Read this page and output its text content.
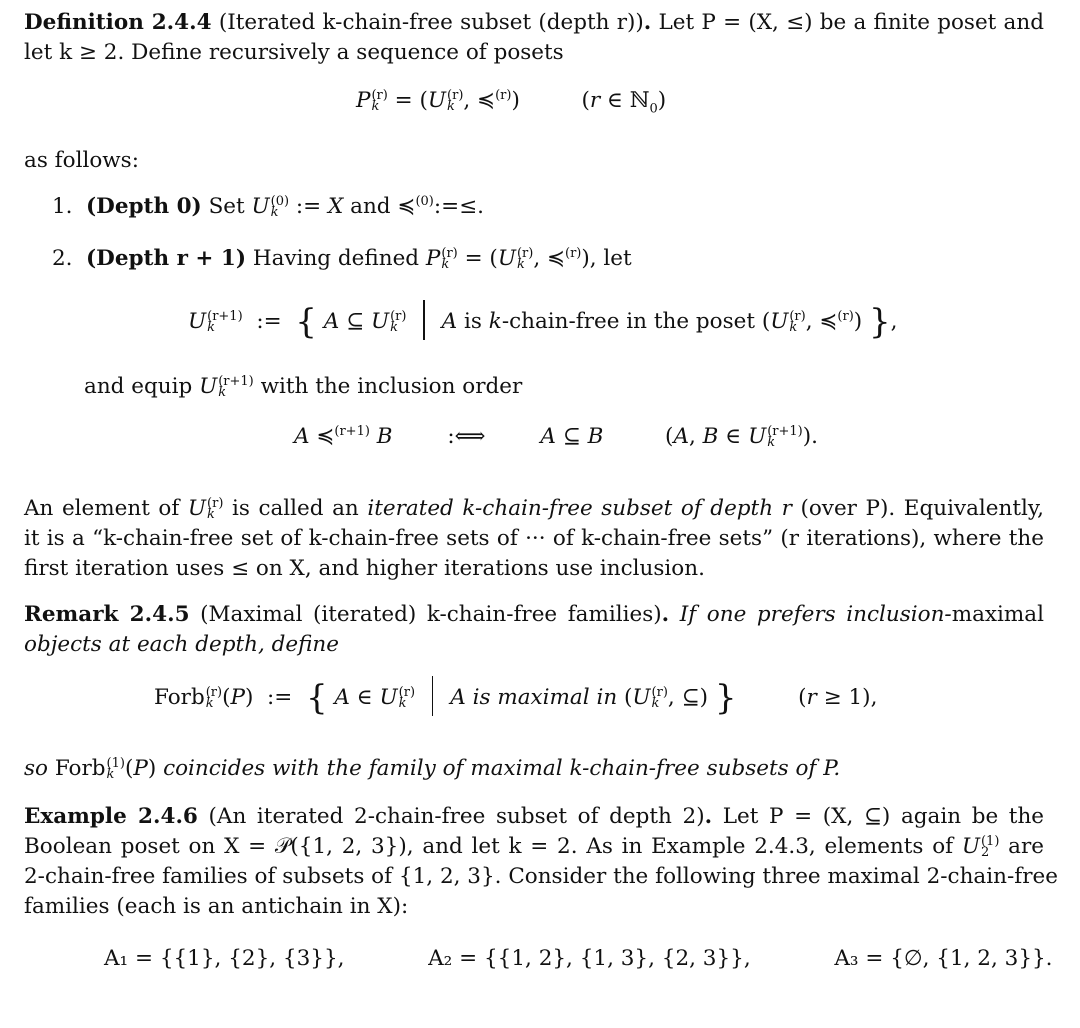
Definition 2.4.4 (Iterated k-chain-free subset (depth r)). Let P = (X, ≤) be a finite poset and
let k ≥ 2. Define recursively a sequence of posets
P (r)
k = (U (r)
k , ≼$^{(r)}$)  (r ∈ ℕ$_0$)
as follows:
1. (Depth 0) Set U (0)
k := X and ≼$^{(0)}$:=≤.
2. (Depth r + 1) Having defined P (r)
k = (U (r)
k , ≼$^{(r)}$), let
U (r+1)
k	:=  { A ⊆ U (r)
k	A is k-chain-free in the poset (U (r)
k , ≼$^{(r)}$) },
and equip U (r+1)
k	with the inclusion order
A ≼$^{(r+1)}$ B	:⟺	A ⊆ B	(A, B ∈ U (r+1)
k	).
An element of U (r)
k is called an iterated k-chain-free subset of depth r (over P). Equivalently,
it is a “k-chain-free set of k-chain-free sets of ··· of k-chain-free sets” (r iterations), where the
first iteration uses ≤ on X, and higher iterations use inclusion.
Remark 2.4.5 (Maximal (iterated) k-chain-free families). If one prefers inclusion-maximal
objects at each depth, define
Forb (r)
k (P)  :=  { A ∈ U (r)
k	A is maximal in (U (r)
k , ⊆) }	(r ≥ 1),
so Forb (1)
k (P) coincides with the family of maximal k-chain-free subsets of P.
Example 2.4.6 (An iterated 2-chain-free subset of depth 2). Let P = (X, ⊆) again be the
Boolean poset on X = 𝒫({1, 2, 3}), and let k = 2. As in Example 2.4.3, elements of U (1)
2 are
2-chain-free families of subsets of {1, 2, 3}. Consider the following three maximal 2-chain-free
families (each is an antichain in X):
A₁ = {{1}, {2}, {3}},	A₂ = {{1, 2}, {1, 3}, {2, 3}},	A₃ = {∅, {1, 2, 3}}.
